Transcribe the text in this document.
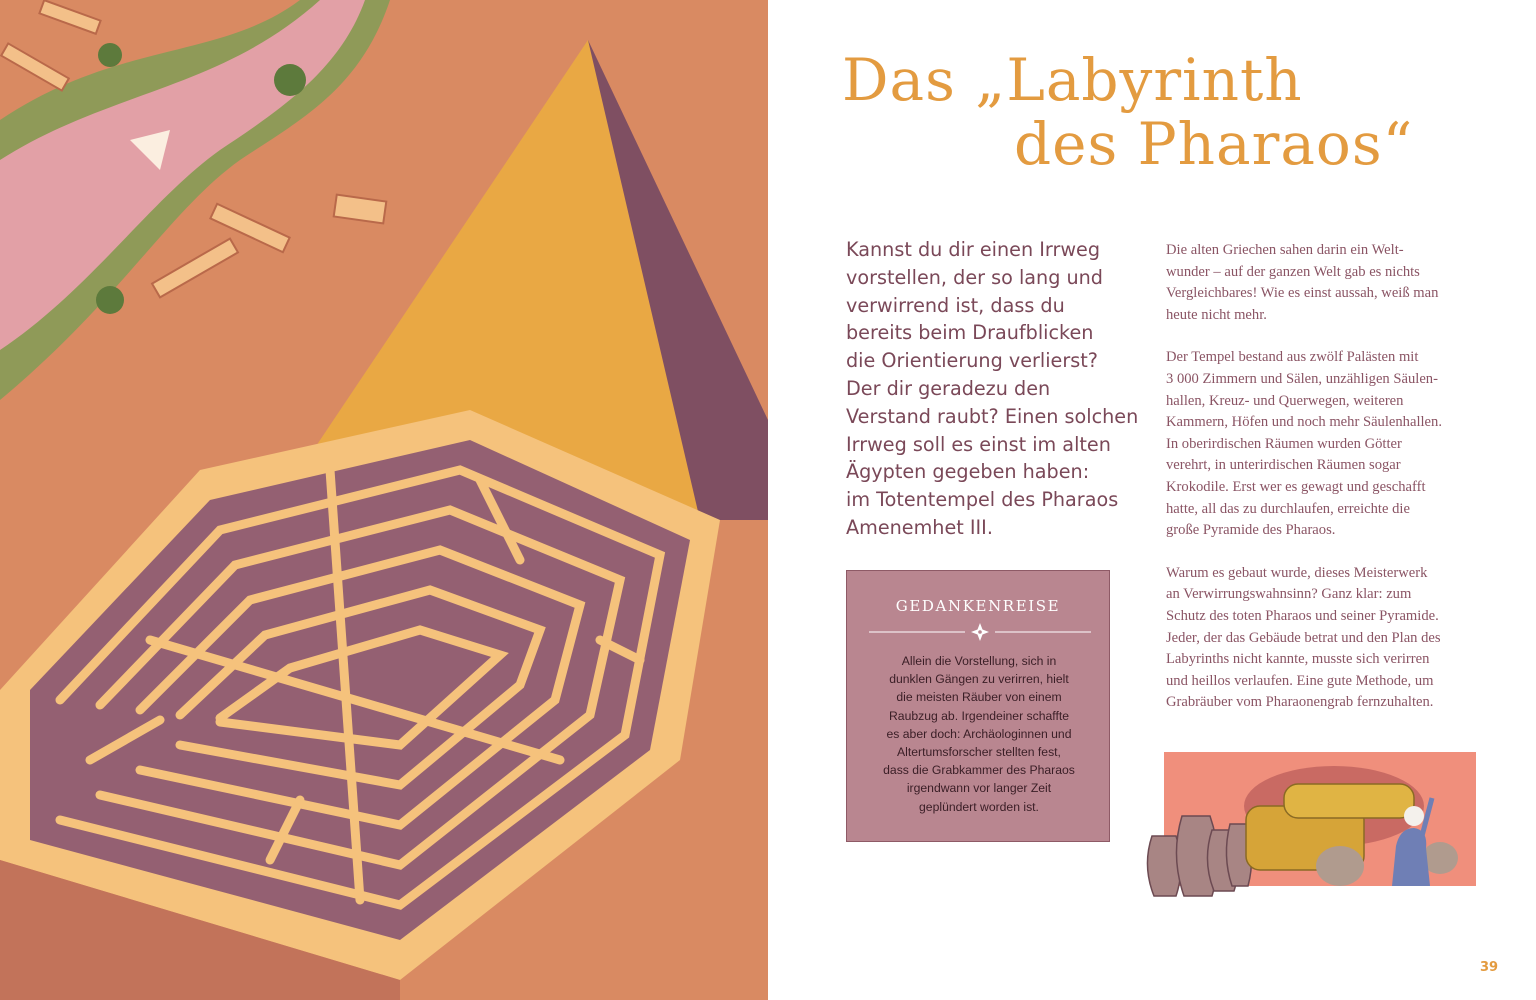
Das „Labyrinth
des Pharaos“

Kannst du dir einen Irrweg
vorstellen, der so lang und
verwirrend ist, dass du
bereits beim Draufblicken
die Orientierung verlierst?
Der dir geradezu den
Verstand raubt? Einen solchen
Irrweg soll es einst im alten
Ägypten gegeben haben:
im Totentempel des Pharaos
Amenemhet III.

Die alten Griechen sahen darin ein Welt-
wunder – auf der ganzen Welt gab es nichts
Vergleichbares! Wie es einst aussah, weiß man
heute nicht mehr.

Der Tempel bestand aus zwölf Palästen mit
3 000 Zimmern und Sälen, unzähligen Säulen-
hallen, Kreuz- und Querwegen, weiteren
Kammern, Höfen und noch mehr Säulenhallen.
In oberirdischen Räumen wurden Götter
verehrt, in unterirdischen Räumen sogar
Krokodile. Erst wer es gewagt und geschafft
hatte, all das zu durchlaufen, erreichte die
große Pyramide des Pharaos.

Warum es gebaut wurde, dieses Meisterwerk
an Verwirrungswahnsinn? Ganz klar: zum
Schutz des toten Pharaos und seiner Pyramide.
Jeder, der das Gebäude betrat und den Plan des
Labyrinths nicht kannte, musste sich verirren
und heillos verlaufen. Eine gute Methode, um
Grabräuber vom Pharaonengrab fernzuhalten.

GEDANKENREISE

Allein die Vorstellung, sich in
dunklen Gängen zu verirren, hielt
die meisten Räuber von einem
Raubzug ab. Irgendeiner schaffte
es aber doch: Archäologinnen und
Altertumsforscher stellten fest,
dass die Grabkammer des Pharaos
irgendwann vor langer Zeit
geplündert worden ist.

39
